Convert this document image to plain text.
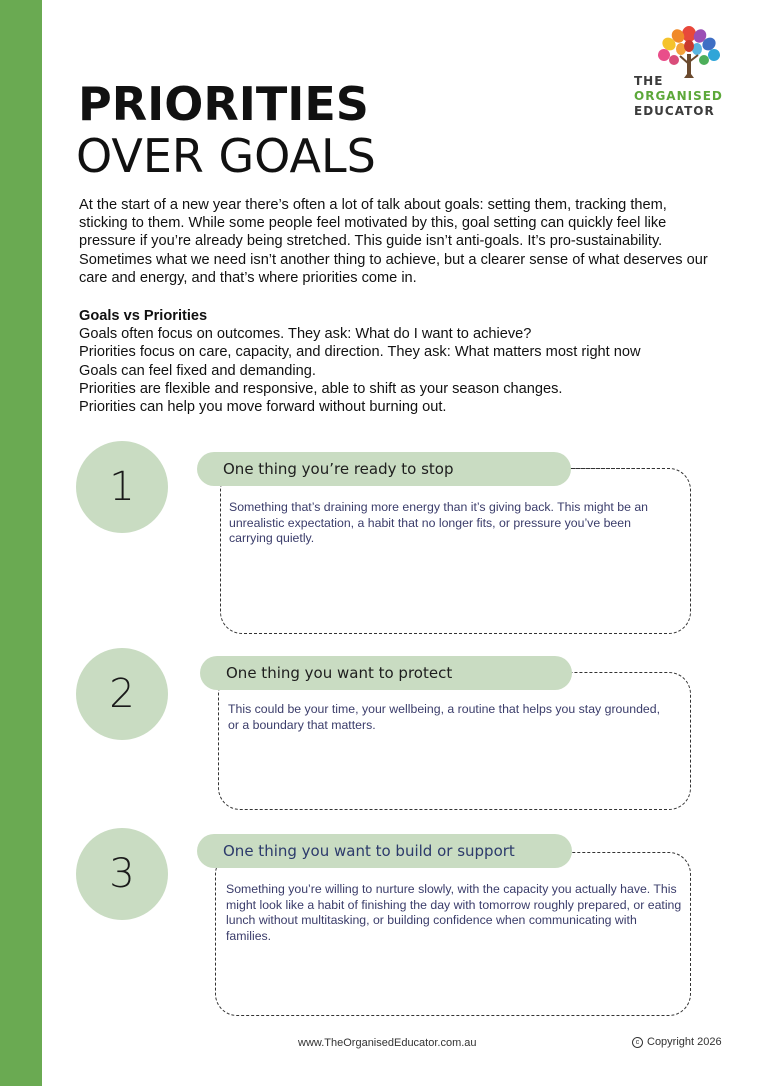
THE
ORGANISED
EDUCATOR
PRIORITIES
OVER GOALS

At the start of a new year there’s often a lot of talk about goals: setting them, tracking them, sticking to them. While some people feel motivated by this, goal setting can quickly feel like pressure if you’re already being stretched. This guide isn’t anti-goals. It’s pro-sustainability. Sometimes what we need isn’t another thing to achieve, but a clearer sense of what deserves our care and energy, and that’s where priorities come in.

Goals vs Priorities
Goals often focus on outcomes. They ask: What do I want to achieve?
Priorities focus on care, capacity, and direction. They ask: What matters most right now
Goals can feel fixed and demanding.
Priorities are flexible and responsive, able to shift as your season changes.
Priorities can help you move forward without burning out.
1	One thing you’re ready to stop
Something that’s draining more energy than it’s giving back. This might be an unrealistic expectation, a habit that no longer fits, or pressure you’ve been carrying quietly.
2	One thing you want to protect
This could be your time, your wellbeing, a routine that helps you stay grounded, or a boundary that matters.
3	One thing you want to build or support
Something you’re willing to nurture slowly, with the capacity you actually have. This might look like a habit of finishing the day with tomorrow roughly prepared, or eating lunch without multitasking, or building confidence when communicating with families.
www.TheOrganisedEducator.com.au	c Copyright 2026
